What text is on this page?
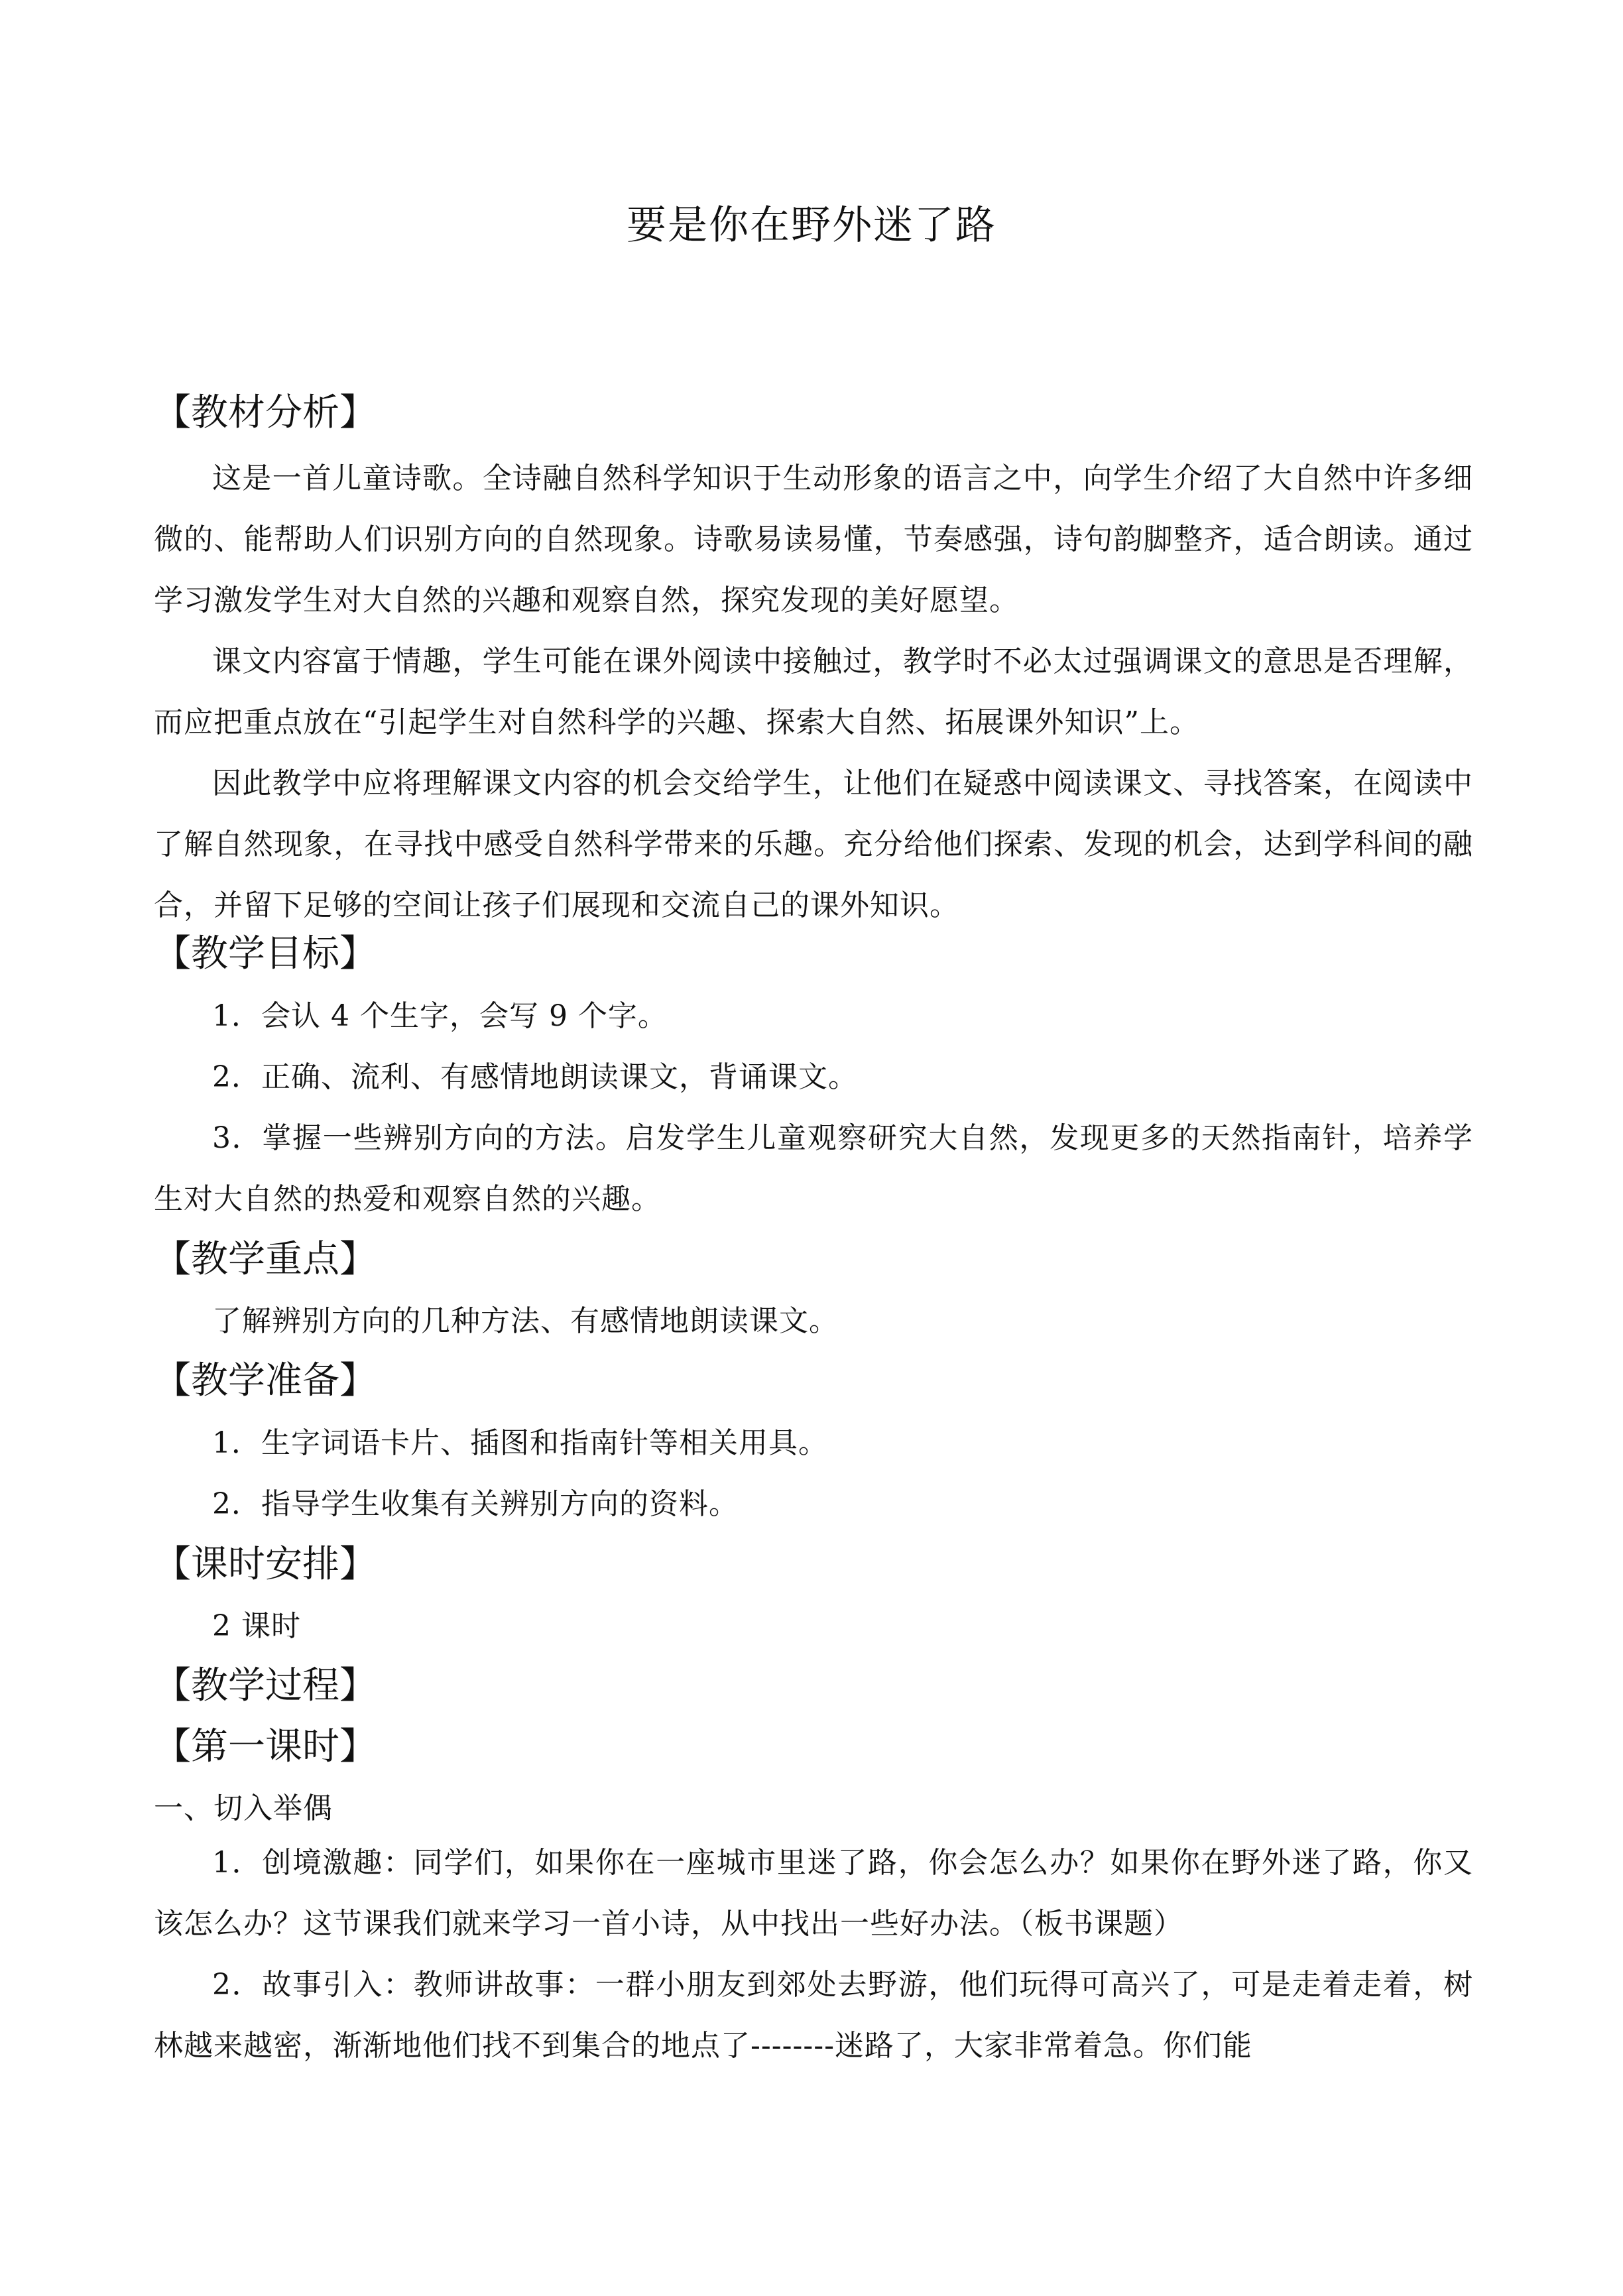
要是你在野外迷了路
【教材分析】
这是一首儿童诗歌。全诗融自然科学知识于生动形象的语言之中，向学生介绍了大自然中许多细微的、能帮助人们识别方向的自然现象。诗歌易读易懂，节奏感强，诗句韵脚整齐，适合朗读。通过学习激发学生对大自然的兴趣和观察自然，探究发现的美好愿望。
课文内容富于情趣，学生可能在课外阅读中接触过，教学时不必太过强调课文的意思是否理解，而应把重点放在“引起学生对自然科学的兴趣、探索大自然、拓展课外知识”上。
因此教学中应将理解课文内容的机会交给学生，让他们在疑惑中阅读课文、寻找答案，在阅读中了解自然现象，在寻找中感受自然科学带来的乐趣。充分给他们探索、发现的机会，达到学科间的融合，并留下足够的空间让孩子们展现和交流自己的课外知识。
【教学目标】
1．会认 4 个生字，会写 9 个字。
2．正确、流利、有感情地朗读课文，背诵课文。
3．掌握一些辨别方向的方法。启发学生儿童观察研究大自然，发现更多的天然指南针，培养学生对大自然的热爱和观察自然的兴趣。
【教学重点】
了解辨别方向的几种方法、有感情地朗读课文。
【教学准备】
1．生字词语卡片、插图和指南针等相关用具。
2．指导学生收集有关辨别方向的资料。
【课时安排】
2 课时
【教学过程】
【第一课时】
一、切入举偶
1．创境激趣：同学们，如果你在一座城市里迷了路，你会怎么办？如果你在野外迷了路，你又该怎么办？这节课我们就来学习一首小诗，从中找出一些好办法。（板书课题）
2．故事引入：教师讲故事：一群小朋友到郊处去野游，他们玩得可高兴了，可是走着走着，树林越来越密，渐渐地他们找不到集合的地点了--------迷路了，大家非常着急。你们能
